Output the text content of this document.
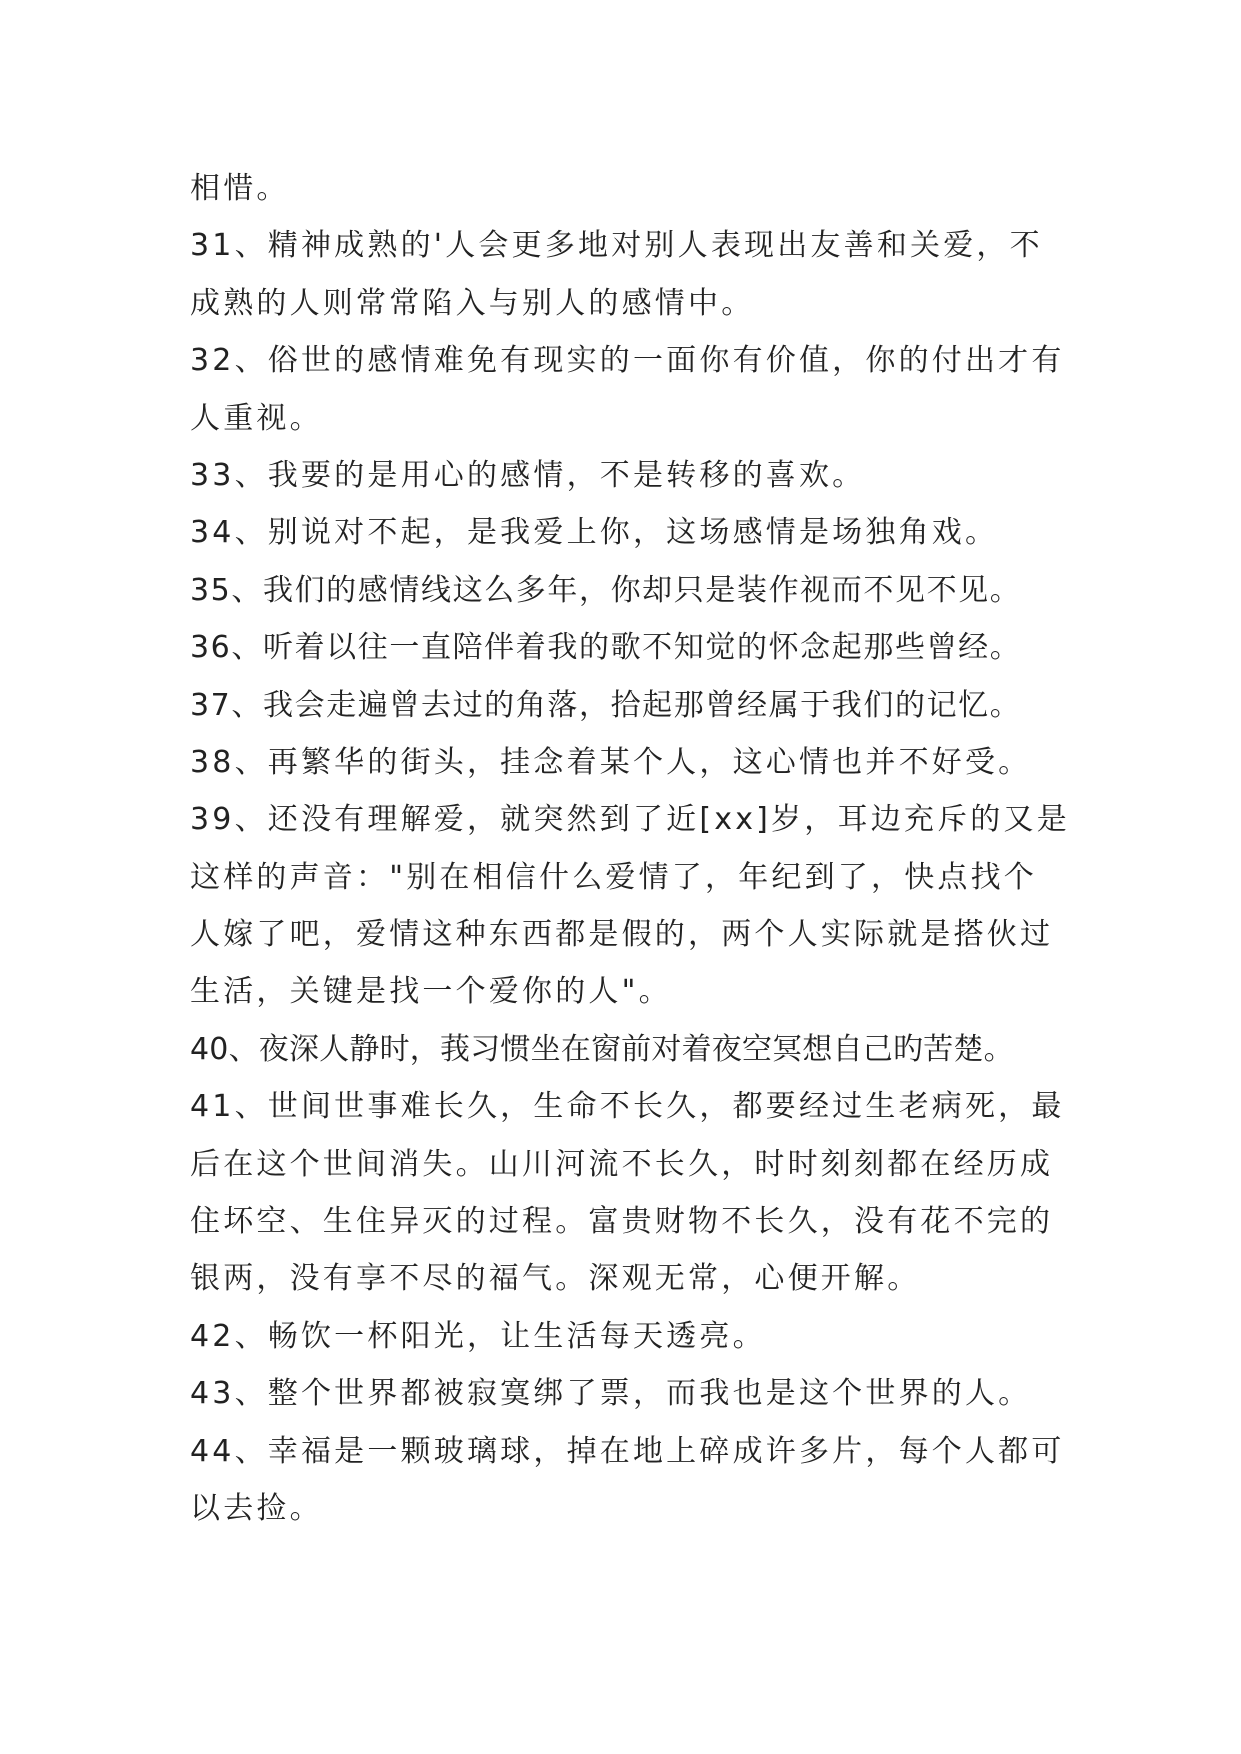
相惜。
31、精神成熟的'人会更多地对别人表现出友善和关爱，不
成熟的人则常常陷入与别人的感情中。
32、俗世的感情难免有现实的一面你有价值，你的付出才有
人重视。
33、我要的是用心的感情，不是转移的喜欢。
34、别说对不起，是我爱上你，这场感情是场独角戏。
35、我们的感情线这么多年，你却只是装作视而不见不见。
36、听着以往一直陪伴着我的歌不知觉的怀念起那些曾经。
37、我会走遍曾去过的角落，拾起那曾经属于我们的记忆。
38、再繁华的街头，挂念着某个人，这心情也并不好受。
39、还没有理解爱，就突然到了近[xx]岁，耳边充斥的又是
这样的声音："别在相信什么爱情了，年纪到了，快点找个
人嫁了吧，爱情这种东西都是假的，两个人实际就是搭伙过
生活，关键是找一个爱你的人"。
40、夜深人静时，莪习惯坐在窗前对着夜空冥想自己旳苦楚。
41、世间世事难长久，生命不长久，都要经过生老病死，最
后在这个世间消失。山川河流不长久，时时刻刻都在经历成
住坏空、生住异灭的过程。富贵财物不长久，没有花不完的
银两，没有享不尽的福气。深观无常，心便开解。
42、畅饮一杯阳光，让生活每天透亮。
43、整个世界都被寂寞绑了票，而我也是这个世界的人。
44、幸福是一颗玻璃球，掉在地上碎成许多片，每个人都可
以去捡。
